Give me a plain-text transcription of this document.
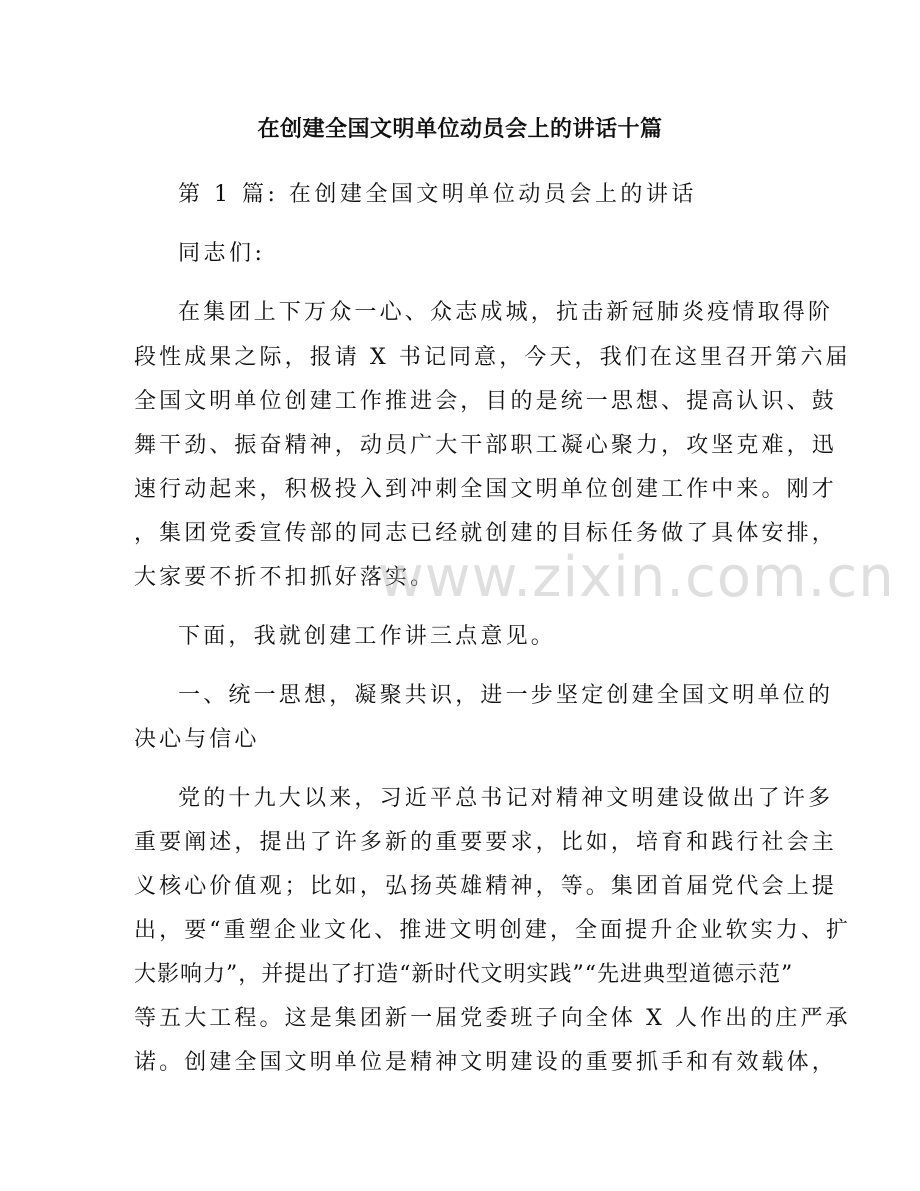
在创建全国文明单位动员会上的讲话十篇
第 1 篇: 在创建全国文明单位动员会上的讲话
同志们:
在集团上下万众一心、众志成城，抗击新冠肺炎疫情取得阶
段性成果之际，报请 X 书记同意，今天，我们在这里召开第六届
全国文明单位创建工作推进会，目的是统一思想、提高认识、鼓
舞干劲、振奋精神，动员广大干部职工凝心聚力，攻坚克难，迅
速行动起来，积极投入到冲刺全国文明单位创建工作中来。刚才
，集团党委宣传部的同志已经就创建的目标任务做了具体安排，
大家要不折不扣抓好落实。
下面，我就创建工作讲三点意见。
一、统一思想，凝聚共识，进一步坚定创建全国文明单位的
决心与信心
党的十九大以来，习近平总书记对精神文明建设做出了许多
重要阐述，提出了许多新的重要要求，比如，培育和践行社会主
义核心价值观；比如，弘扬英雄精神，等。集团首届党代会上提
出，要“重塑企业文化、推进文明创建，全面提升企业软实力、扩
大影响力”，并提出了打造“新时代文明实践”“先进典型道德示范”
等五大工程。这是集团新一届党委班子向全体 X 人作出的庄严承
诺。创建全国文明单位是精神文明建设的重要抓手和有效载体，
www.zixin.com.cn
